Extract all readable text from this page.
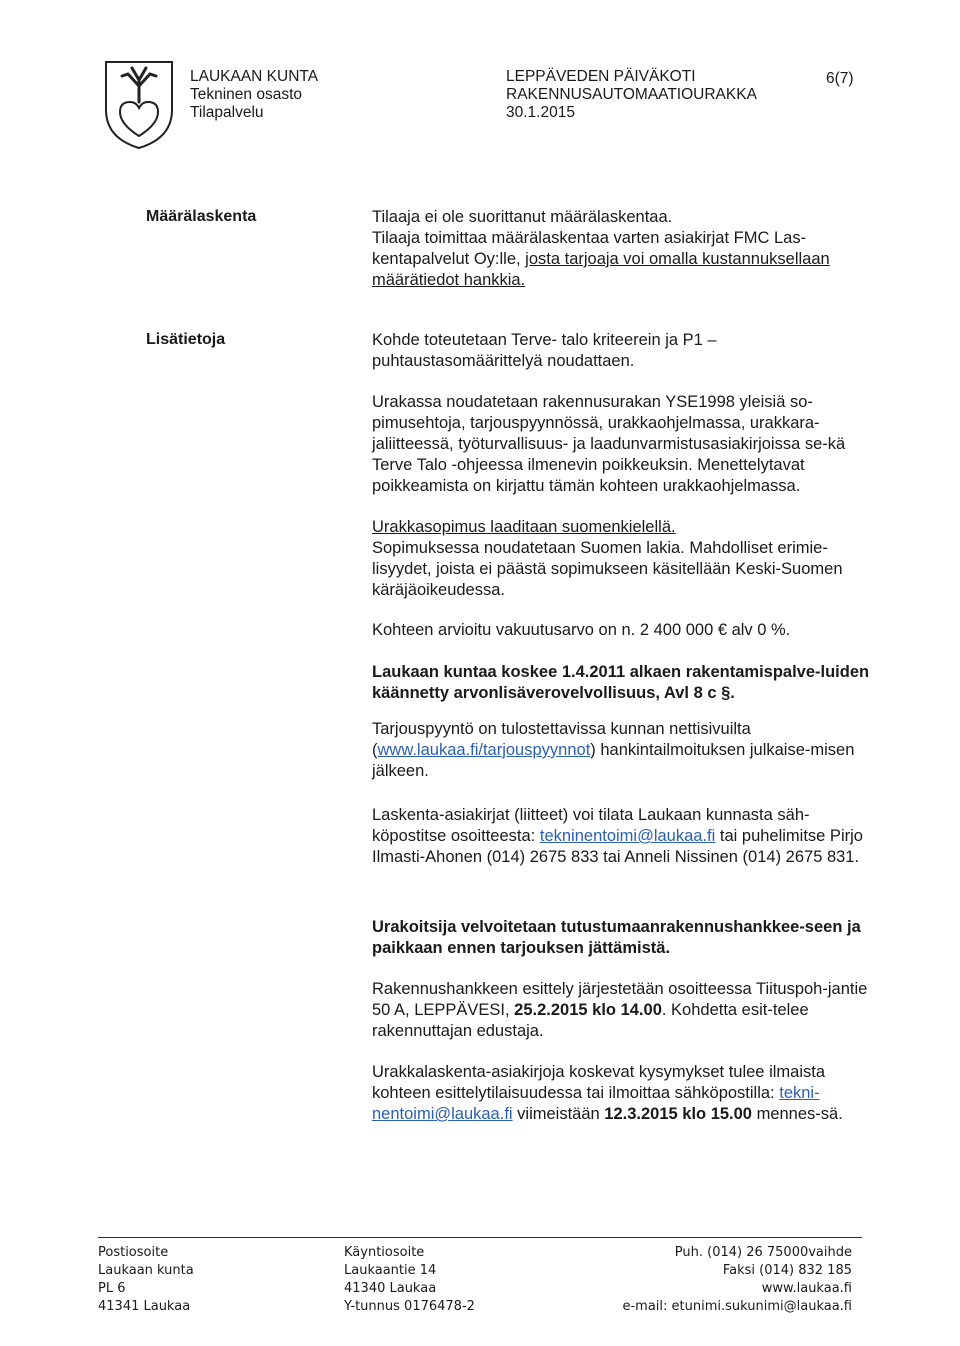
LAUKAAN KUNTA
Tekninen osasto
Tilapalvelu
LEPPÄVEDEN PÄIVÄKOTI
RAKENNUSAUTOMAATIOURAKKA
30.1.2015
6(7)
Määrälaskenta	Tilaaja ei ole suorittanut määrälaskentaa.

Tilaaja toimittaa määrälaskentaa varten asiakirjat FMC Las-kentapalvelut Oy:lle, josta tarjoaja voi omalla kustannuksellaan määrätiedot hankkia.

Lisätietoja	Kohde toteutetaan Terve- talo kriteerein ja P1 – puhtaustasomäärittelyä noudattaen.
Urakassa noudatetaan rakennusurakan YSE1998 yleisiä so-pimusehtoja, tarjouspyynnössä, urakkaohjelmassa, urakkara-jaliitteessä, työturvallisuus- ja laadunvarmistusasiakirjoissa se-kä Terve Talo -ohjeessa ilmenevin poikkeuksin. Menettelytavat poikkeamista on kirjattu tämän kohteen urakkaohjelmassa.

Urakkasopimus laaditaan suomenkielellä.

Sopimuksessa noudatetaan Suomen lakia. Mahdolliset erimie-lisyydet, joista ei päästä sopimukseen käsitellään Keski-Suomen käräjäoikeudessa.

Kohteen arvioitu vakuutusarvo on n. 2 400 000 € alv 0 %.
Laukaan kuntaa koskee 1.4.2011 alkaen rakentamispalve-luiden käännetty arvonlisäverovelvollisuus, Avl 8 c §.
Tarjouspyyntö on tulostettavissa kunnan nettisivuilta (www.laukaa.fi/tarjouspyynnot) hankintailmoituksen julkaise-misen jälkeen.
Laskenta-asiakirjat (liitteet) voi tilata Laukaan kunnasta säh-köpostitse osoitteesta: tekninentoimi@laukaa.fi tai puhelimitse Pirjo Ilmasti-Ahonen (014) 2675 833 tai Anneli Nissinen (014) 2675 831.
Urakoitsija velvoitetaan tutustumaanrakennushankkee-seen ja paikkaan ennen tarjouksen jättämistä.
Rakennushankkeen esittely järjestetään osoitteessa Tiituspoh-jantie 50 A, LEPPÄVESI, 25.2.2015 klo 14.00. Kohdetta esit-telee rakennuttajan edustaja.
Urakkalaskenta-asiakirjoja koskevat kysymykset tulee ilmaista kohteen esittelytilaisuudessa tai ilmoittaa sähköpostilla: tekni-nentoimi@laukaa.fi viimeistään 12.3.2015 klo 15.00 mennes-sä.
Postiosoite
Laukaan kunta
PL 6
41341 Laukaa
Käyntiosoite
Laukaantie 14
41340 Laukaa
Y-tunnus 0176478-2
Puh. (014) 26 75000vaihde
Faksi (014) 832 185
www.laukaa.fi
e-mail: etunimi.sukunimi@laukaa.fi
